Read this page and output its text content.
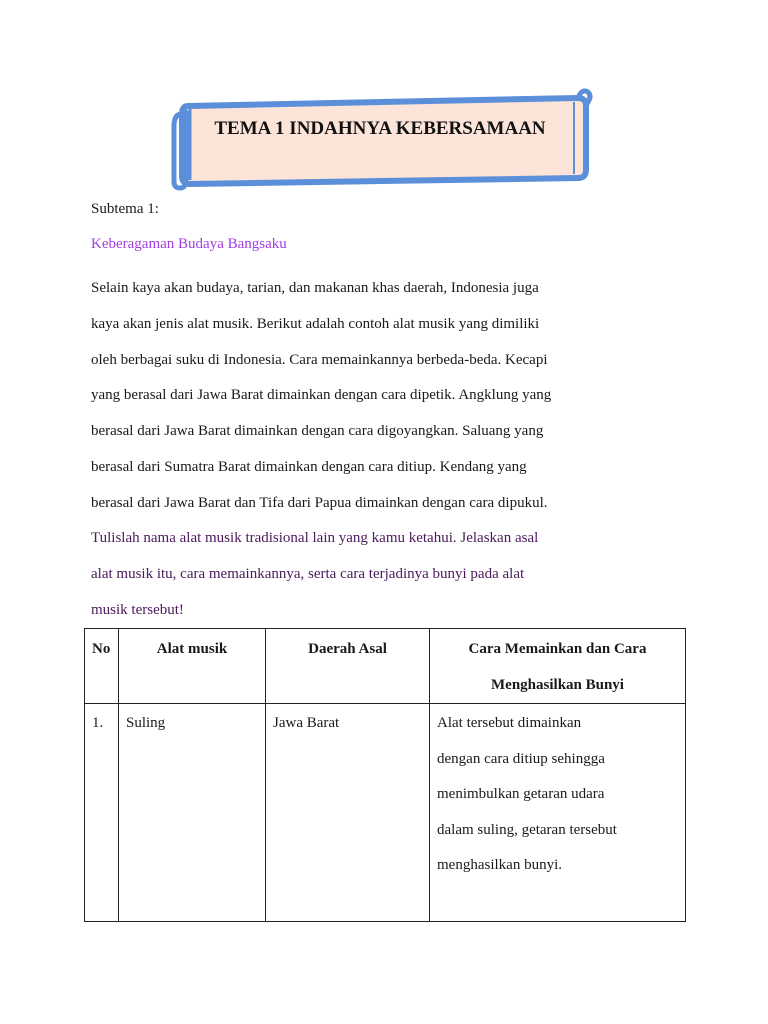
TEMA 1 INDAHNYA KEBERSAMAAN
Subtema 1:
Keberagaman Budaya Bangsaku
Selain kaya akan budaya, tarian, dan makanan khas daerah, Indonesia juga
kaya akan jenis alat musik. Berikut adalah contoh alat musik yang dimiliki
oleh berbagai suku di Indonesia. Cara memainkannya berbeda-beda. Kecapi
yang berasal dari Jawa Barat dimainkan dengan cara dipetik. Angklung yang
berasal dari Jawa Barat dimainkan dengan cara digoyangkan. Saluang yang
berasal dari Sumatra Barat dimainkan dengan cara ditiup. Kendang yang
berasal dari Jawa Barat dan Tifa dari Papua dimainkan dengan cara dipukul.
Tulislah nama alat musik tradisional lain yang kamu ketahui. Jelaskan asal
alat musik itu, cara memainkannya, serta cara terjadinya bunyi pada alat
musik tersebut!
No	Alat musik	Daerah Asal	Cara Memainkan dan Cara
Menghasilkan Bunyi

1.	Suling	Jawa Barat	Alat tersebut dimainkan
dengan cara ditiup sehingga
menimbulkan getaran udara
dalam suling, getaran tersebut
menghasilkan bunyi.
